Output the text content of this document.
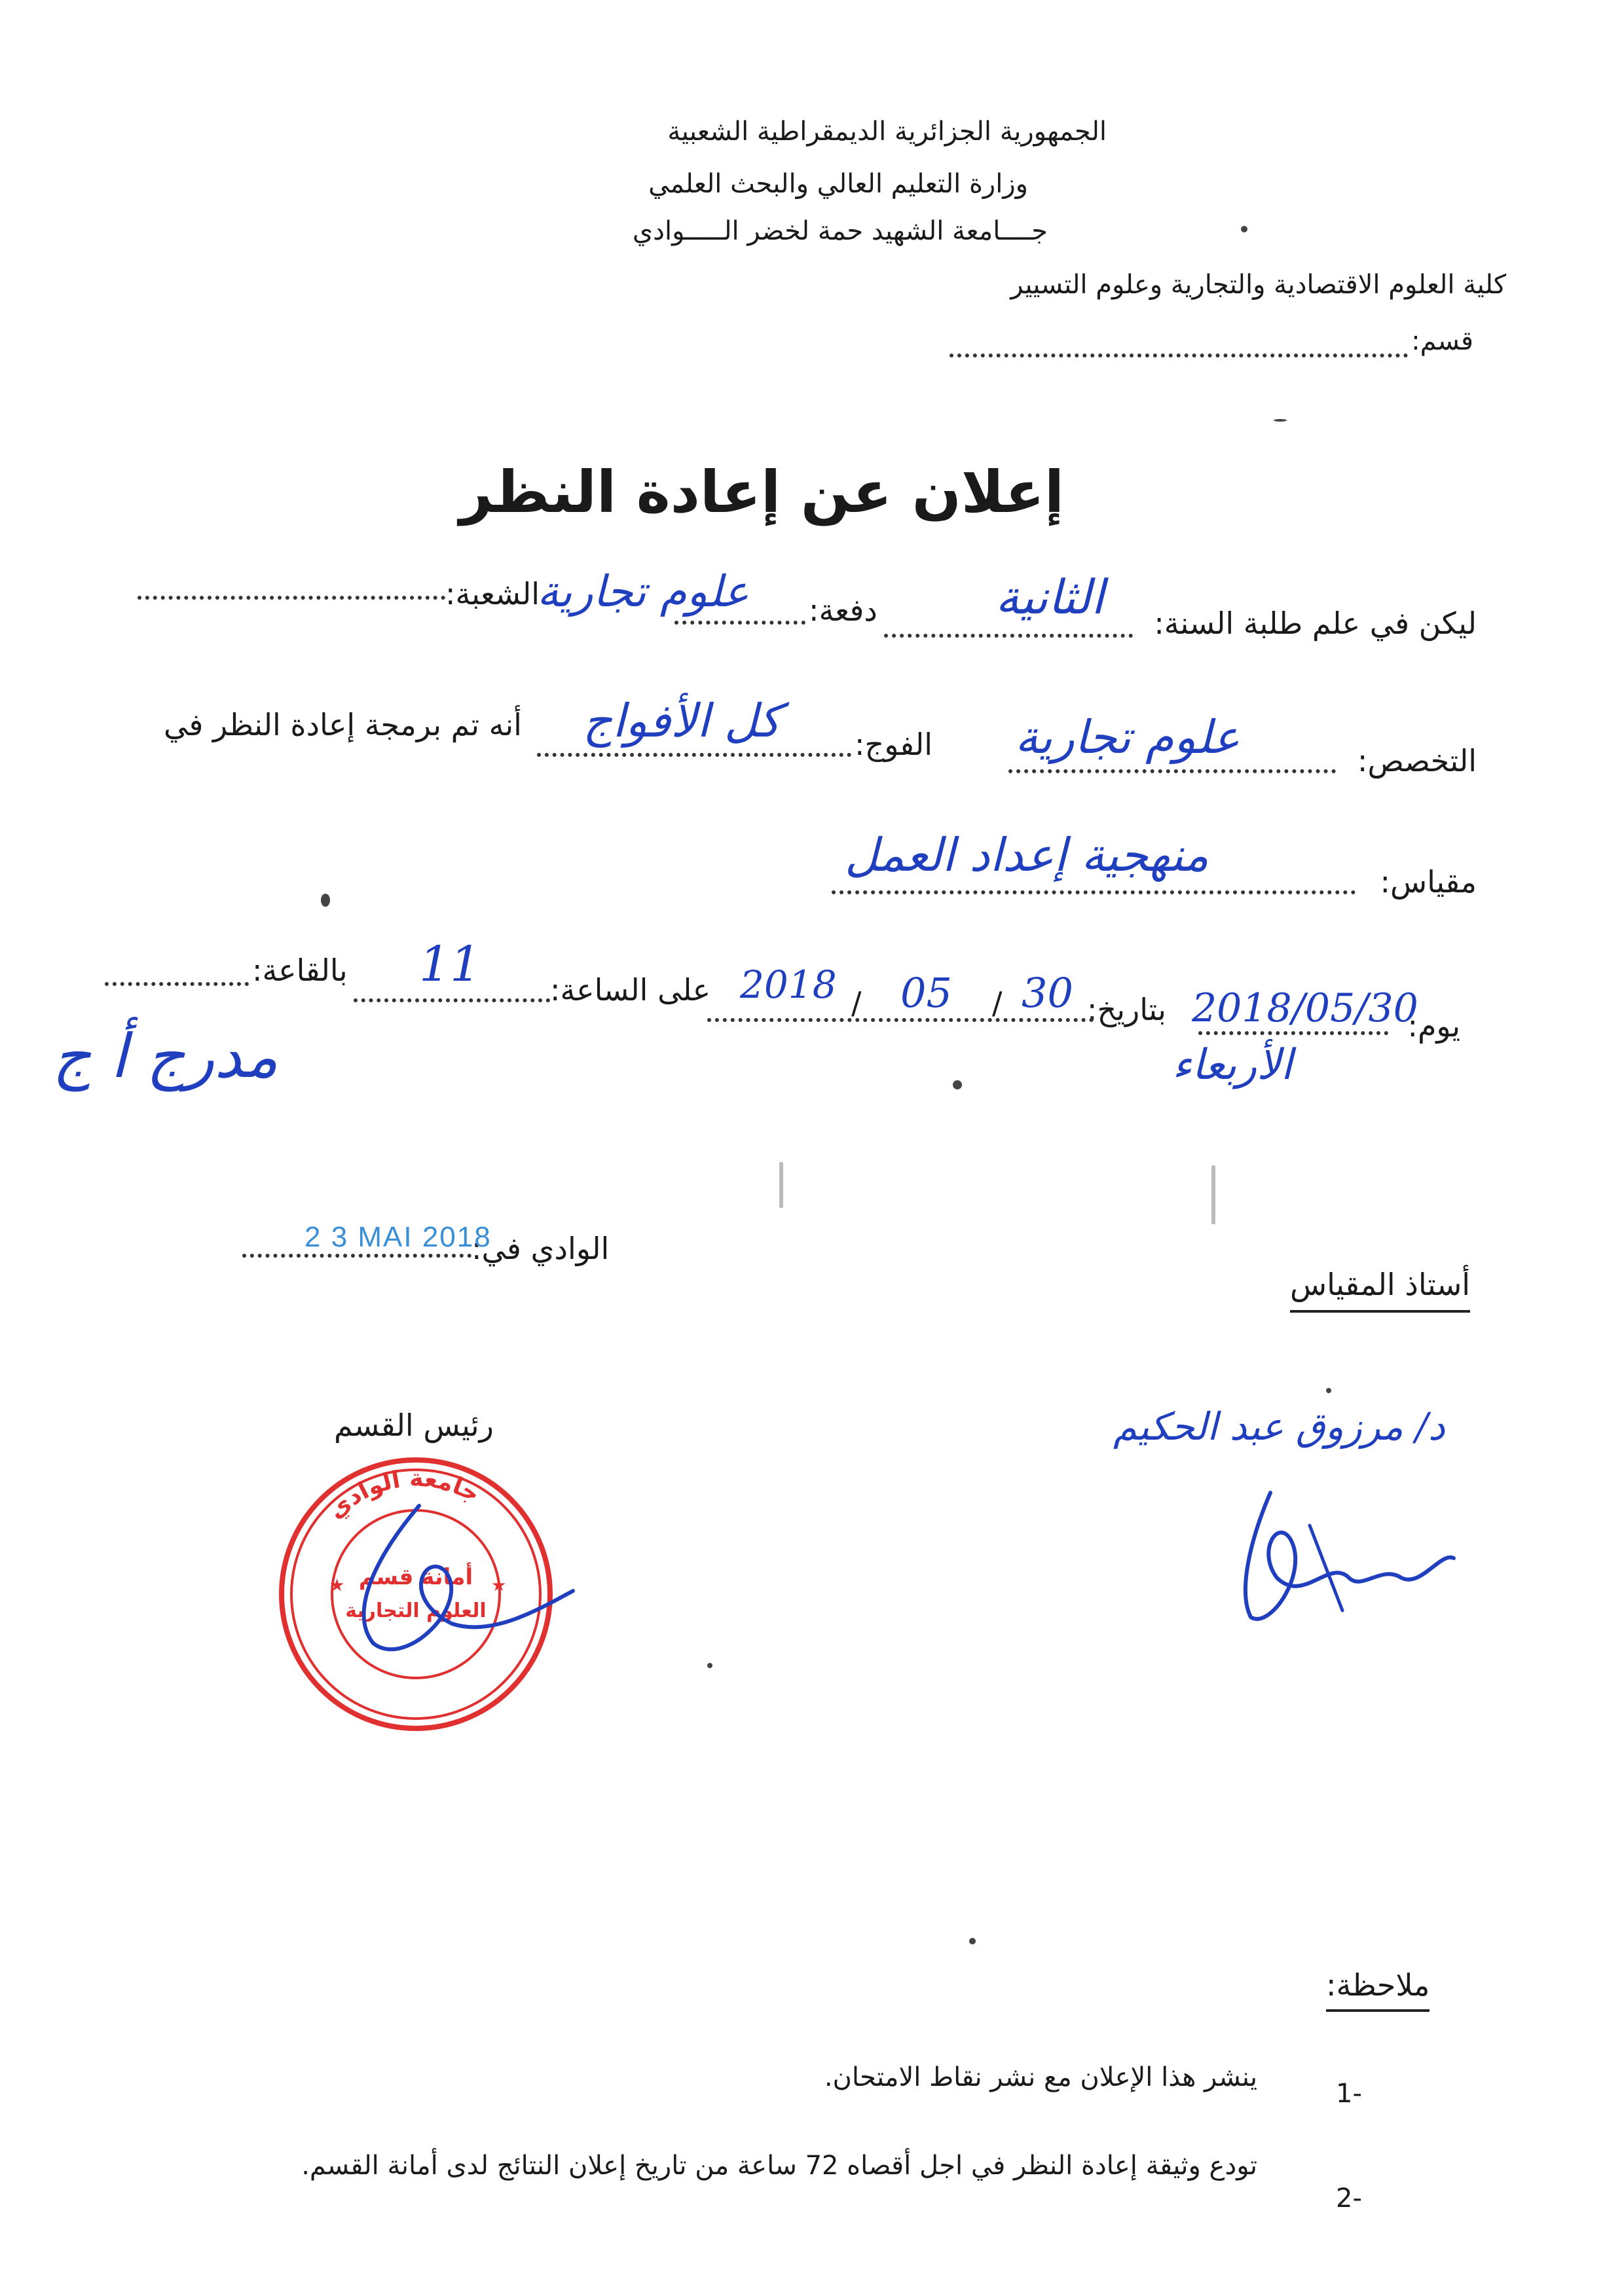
الجمهورية الجزائرية الديمقراطية الشعبية
وزارة التعليم العالي والبحث العلمي
جــــامعة الشهيد حمة لخضر الـــــوادي
كلية العلوم الاقتصادية والتجارية وعلوم التسيير
قسم:
إعلان عن إعادة النظر
ليكن في علم طلبة السنة:
الثانية
دفعة:
علوم تجارية
الشعبة:
التخصص:
علوم تجارية
الفوج:
كل الأفواج
أنه تم برمجة إعادة النظر في
مقياس:
منهجية إعداد العمل
يوم:
2018/05/30
الأربعاء
بتاريخ:
30
/
05
/
2018
على الساعة:
11
بالقاعة:
مدرج أ ج
الوادي في:
2 3 MAI 2018
أستاذ المقياس
د/ مرزوق عبد الحكيم
رئيس القسم
جامعة الوادي
★	★
أمانة قسم
العلوم التجارية
ملاحظة:
-1
ينشر هذا الإعلان مع نشر نقاط الامتحان.
-2
تودع وثيقة إعادة النظر في اجل أقصاه 72 ساعة من تاريخ إعلان النتائج لدى أمانة القسم.
